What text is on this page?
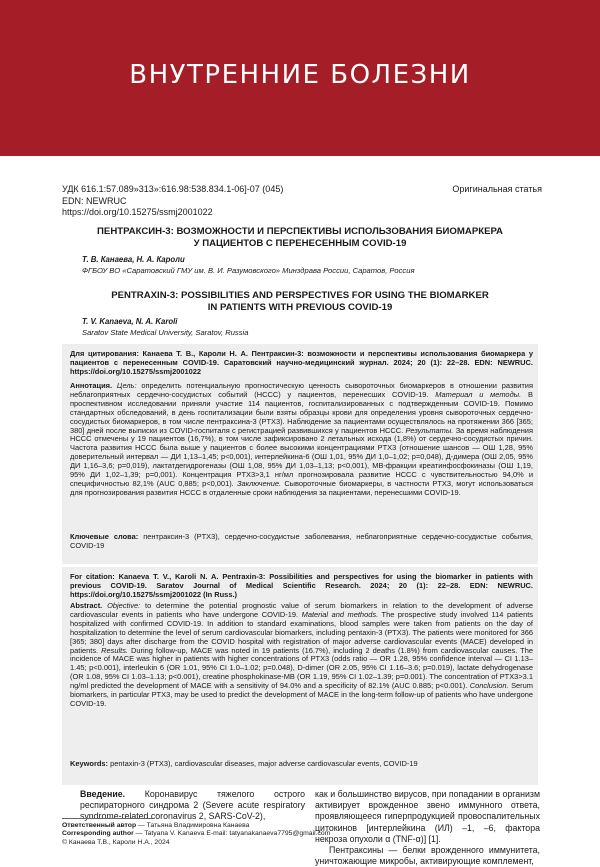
ВНУТРЕННИЕ БОЛЕЗНИ
УДК 616.1:57.089»313»:616.98:538.834.1-06]-07 (045)
EDN: NEWRUC
https://doi.org/10.15275/ssmj2001022
Оригинальная статья
ПЕНТРАКСИН-3: ВОЗМОЖНОСТИ И ПЕРСПЕКТИВЫ ИСПОЛЬЗОВАНИЯ БИОМАРКЕРА
У ПАЦИЕНТОВ С ПЕРЕНЕСЕННЫМ COVID-19
Т. В. Канаева, Н. А. Кароли
ФГБОУ ВО «Саратовский ГМУ им. В. И. Разумовского» Минздрава России, Саратов, Россия
PENTRAXIN-3: POSSIBILITIES AND PERSPECTIVES FOR USING THE BIOMARKER
IN PATIENTS WITH PREVIOUS COVID-19
T. V. Kanaeva, N. A. Karoli
Saratov State Medical University, Saratov, Russia
Для цитирования: Канаева Т. В., Кароли Н. А. Пентраксин-3: возможности и перспективы использования биомаркера у пациентов с перенесенным COVID-19. Саратовский научно-медицинский журнал. 2024; 20 (1): 22–28. EDN: NEWRUC. https://doi.org/10.15275/ssmj2001022
Аннотация. Цель: определить потенциальную прогностическую ценность сывороточных биомаркеров в отношении развития неблагоприятных сердечно-сосудистых событий (НССС) у пациентов, перенесших COVID-19. Материал и методы. В проспективном исследовании приняли участие 114 пациентов, госпитализированных с подтвержденным COVID-19. Помимо стандартных обследований, в день госпитализации были взяты образцы крови для определения уровня сывороточных сердечно-сосудистых биомаркеров, в том числе пентраксина-3 (PTX3). Наблюдение за пациентами осуществлялось на протяжении 366 [365; 380] дней после выписки из COVID-госпиталя с регистрацией развившихся у пациентов НССС. Результаты. За время наблюдения НССС отмечены у 19 пациентов (16,7%), в том числе зафиксировано 2 летальных исхода (1,8%) от сердечно-сосудистых причин. Частота развития НССС была выше у пациентов с более высокими концентрациями PTX3 (отношение шансов — ОШ 1,28, 95% доверительный интервал — ДИ 1,13–1,45; p<0,001), интерлейкина-6 (ОШ 1,01, 95% ДИ 1,0–1,02; p=0,048), Д-димера (ОШ 2,05, 95% ДИ 1,16–3,6; p=0,019), лактатдегидрогеназы (ОШ 1,08, 95% ДИ 1,03–1,13; p<0,001), МВ-фракции креатинфосфокиназы (ОШ 1,19, 95% ДИ 1,02–1,39; p=0,001). Концентрация PTX3>3,1 нг/мл прогнозировала развитие НССС с чувствительностью 94,0% и специфичностью 82,1% (AUC 0,885; p<0,001). Заключение. Сывороточные биомаркеры, в частности PTX3, могут использоваться для прогнозирования развития НССС в отдаленные сроки наблюдения за пациентами, перенесшими COVID-19.
Ключевые слова: пентраксин-3 (PTX3), сердечно-сосудистые заболевания, неблагоприятные сердечно-сосудистые события, COVID-19
For citation: Kanaeva T. V., Karoli N. A. Pentraxin-3: Possibilities and perspectives for using the biomarker in patients with previous COVID-19. Saratov Journal of Medical Scientific Research. 2024; 20 (1): 22–28. EDN: NEWRUC. https://doi.org/10.15275/ssmj2001022 (In Russ.)
Abstract. Objective: to determine the potential prognostic value of serum biomarkers in relation to the development of adverse cardiovascular events in patients who have undergone COVID-19. Material and methods. The prospective study involved 114 patients hospitalized with confirmed COVID-19. In addition to standard examinations, blood samples were taken from patients on the day of hospitalization to determine the level of serum cardiovascular biomarkers, including pentaxin-3 (PTX3). The patients were monitored for 366 [365; 380] days after discharge from the COVID hospital with registration of major adverse cardiovascular events (MACE) developed in patients. Results. During follow-up, MACE was noted in 19 patients (16.7%), including 2 deaths (1.8%) from cardiovascular causes. The incidence of MACE was higher in patients with higher concentrations of PTX3 (odds ratio — OR 1.28, 95% confidence interval — CI 1.13–1.45; p<0.001), interleukin 6 (OR 1.01, 95% CI 1.0–1.02; p=0.048), D-dimer (OR 2.05, 95% CI 1.16–3.6; p=0.019), lactate dehydrogenase (OR 1.08, 95% CI 1.03–1.13; p<0.001), creatine phosphokinase-MB (OR 1.19, 95% CI 1.02–1.39; p=0.001). The concentration of PTX3>3.1 ng/ml predicted the development of MACE with a sensitivity of 94.0% and a specificity of 82.1% (AUC 0.885; p<0.001). Conclusion. Serum biomarkers, in particular PTX3, may be used to predict the development of MACE in the long-term follow-up of patients who have undergone COVID-19.
Keywords: pentaxin-3 (PTX3), cardiovascular diseases, major adverse cardiovascular events, COVID-19
Введение. Коронавирус тяжелого острого респираторного синдрома 2 (Severe acute respiratory syndrome-related coronavirus 2, SARS-CoV-2),
как и большинство вирусов, при попадании в организм активирует врожденное звено иммунного ответа, проявляющееся гиперпродукцией провоспалительных цитокинов [интерлейкина (ИЛ) –1, –6, фактора некроза опухоли α (TNF-α)] [1].
Пентраксины — белки врожденного иммунитета, уничтожающие микробы, активирующие комплемент,
Ответственный автор — Татьяна Владимировна Канаева
Corresponding author — Tatyana V. Kanaeva E-mail: tatyanakanaeva7795@gmail.com
© Канаева Т.В., Кароли Н.А., 2024
